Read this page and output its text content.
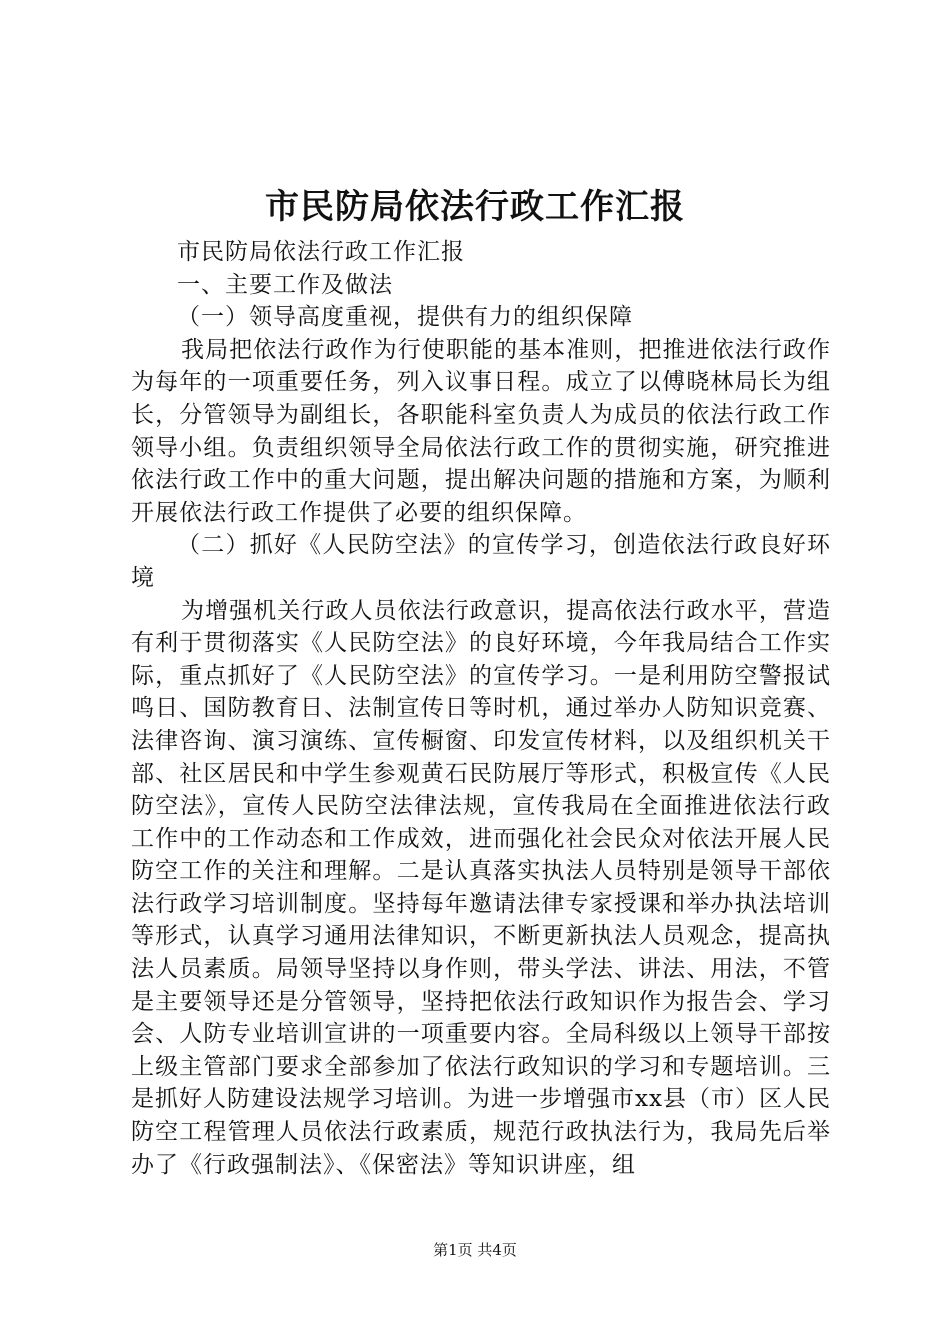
市民防局依法行政工作汇报

市民防局依法行政工作汇报

一、主要工作及做法

（一）领导高度重视，提供有力的组织保障

我局把依法行政作为行使职能的基本准则，把推进依法行政作为每年的一项重要任务，列入议事日程。成立了以傅晓林局长为组长，分管领导为副组长，各职能科室负责人为成员的依法行政工作领导小组。负责组织领导全局依法行政工作的贯彻实施，研究推进依法行政工作中的重大问题，提出解决问题的措施和方案，为顺利开展依法行政工作提供了必要的组织保障。

（二）抓好《人民防空法》的宣传学习，创造依法行政良好环境

为增强机关行政人员依法行政意识，提高依法行政水平，营造有利于贯彻落实《人民防空法》的良好环境，今年我局结合工作实际，重点抓好了《人民防空法》的宣传学习。一是利用防空警报试鸣日、国防教育日、法制宣传日等时机，通过举办人防知识竞赛、法律咨询、演习演练、宣传橱窗、印发宣传材料，以及组织机关干部、社区居民和中学生参观黄石民防展厅等形式，积极宣传《人民防空法》，宣传人民防空法律法规，宣传我局在全面推进依法行政工作中的工作动态和工作成效，进而强化社会民众对依法开展人民防空工作的关注和理解。二是认真落实执法人员特别是领导干部依法行政学习培训制度。坚持每年邀请法律专家授课和举办执法培训等形式，认真学习通用法律知识，不断更新执法人员观念，提高执法人员素质。局领导坚持以身作则，带头学法、讲法、用法，不管是主要领导还是分管领导，坚持把依法行政知识作为报告会、学习会、人防专业培训宣讲的一项重要内容。全局科级以上领导干部按上级主管部门要求全部参加了依法行政知识的学习和专题培训。三是抓好人防建设法规学习培训。为进一步增强市xx县（市）区人民防空工程管理人员依法行政素质，规范行政执法行为，我局先后举办了《行政强制法》、《保密法》等知识讲座，组

第1页 共4页
